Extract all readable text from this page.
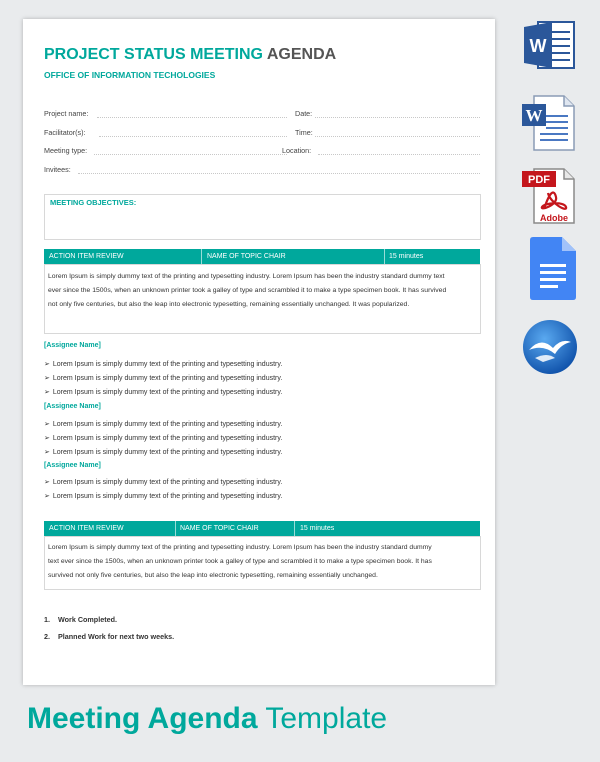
PROJECT STATUS MEETING AGENDA
OFFICE OF INFORMATION TECHOLOGIES
Project name:	Date:
Facilitator(s):	Time:
Meeting type:	Location:
Invitees:
MEETING OBJECTIVES:
ACTION ITEM REVIEW	NAME OF TOPIC CHAIR	15 minutes
Lorem Ipsum is simply dummy text of the printing and typesetting industry. Lorem Ipsum has been the industry standard dummy text
ever since the 1500s, when an unknown printer took a galley of type and scrambled it to make a type specimen book. It has survived
not only five centuries, but also the leap into electronic typesetting, remaining essentially unchanged. It was popularized.
[Assignee Name]
➢ Lorem Ipsum is simply dummy text of the printing and typesetting industry.
➢ Lorem Ipsum is simply dummy text of the printing and typesetting industry.
➢ Lorem Ipsum is simply dummy text of the printing and typesetting industry.
[Assignee Name]
➢ Lorem Ipsum is simply dummy text of the printing and typesetting industry.
➢ Lorem Ipsum is simply dummy text of the printing and typesetting industry.
➢ Lorem Ipsum is simply dummy text of the printing and typesetting industry.
[Assignee Name]
➢ Lorem Ipsum is simply dummy text of the printing and typesetting industry.
➢ Lorem Ipsum is simply dummy text of the printing and typesetting industry.
ACTION ITEM REVIEW	NAME OF TOPIC CHAIR	15 minutes
Lorem Ipsum is simply dummy text of the printing and typesetting industry. Lorem Ipsum has been the industry standard dummy
text ever since the 1500s, when an unknown printer took a galley of type and scrambled it to make a type specimen book. It has
survived not only five centuries, but also the leap into electronic typesetting, remaining essentially unchanged.
1. Work Completed.
2. Planned Work for next two weeks.
W
W
PDF
Adobe
Meeting Agenda Template
